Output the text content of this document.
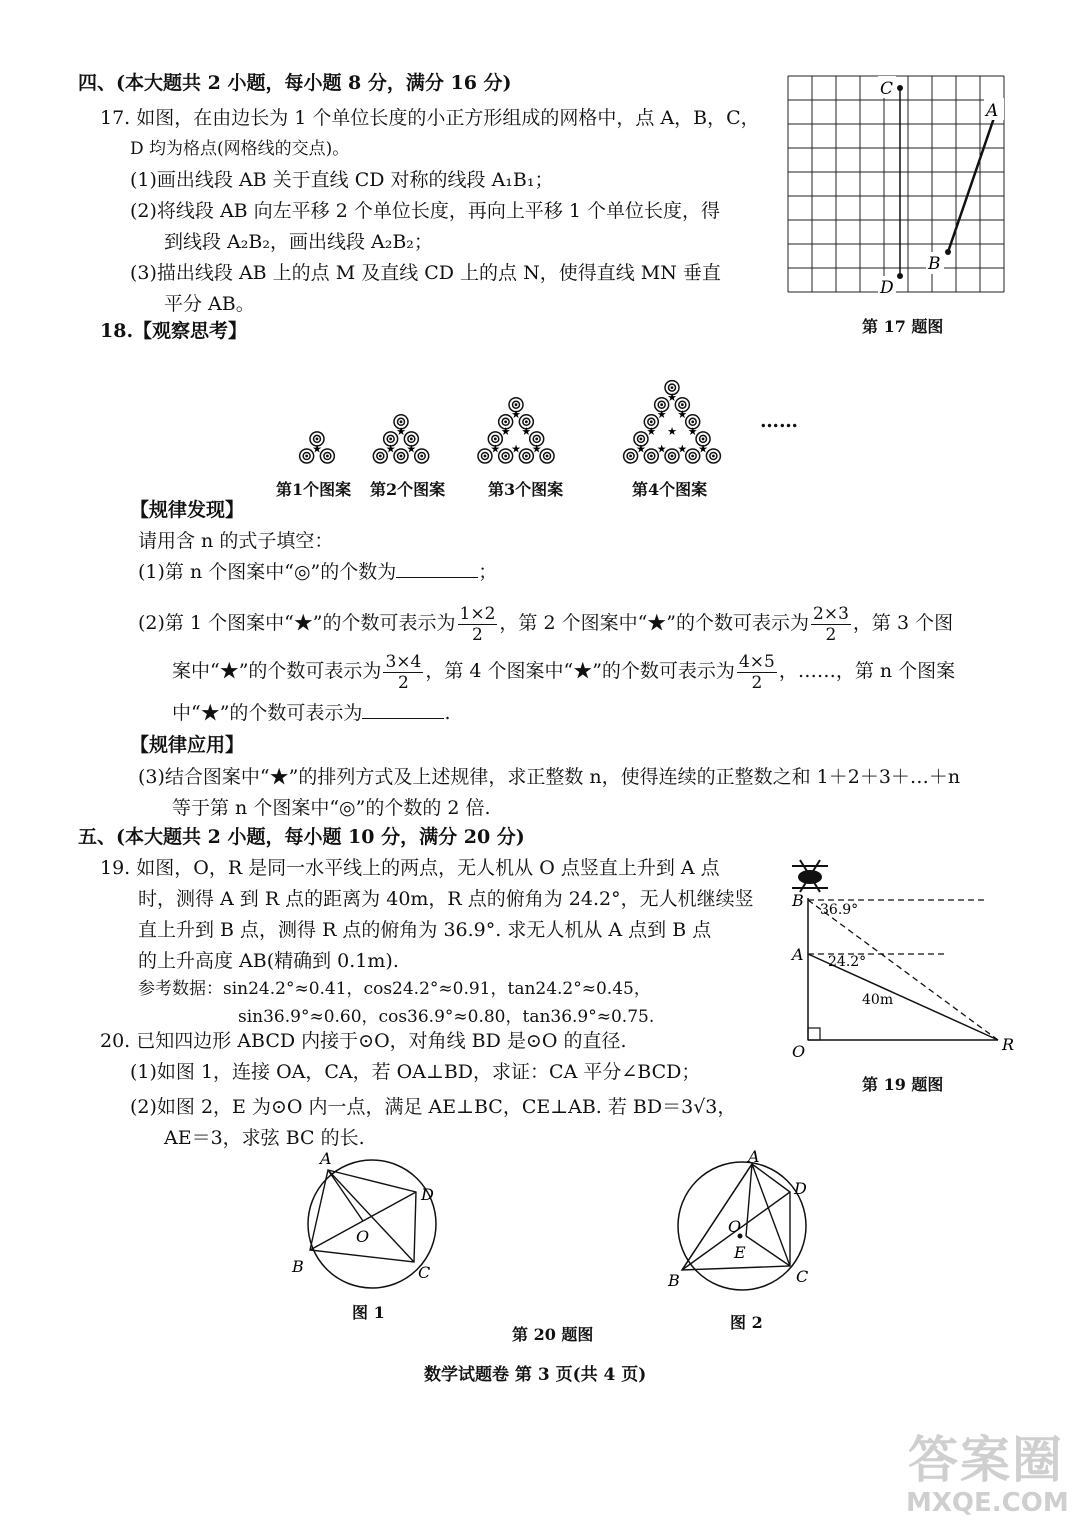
四、(本大题共 2 小题，每小题 8 分，满分 16 分)
17. 如图，在由边长为 1 个单位长度的小正方形组成的网格中，点 A，B，C，
D 均为格点(网格线的交点)。
(1)画出线段 AB 关于直线 CD 对称的线段 A₁B₁；
(2)将线段 AB 向左平移 2 个单位长度，再向上平移 1 个单位长度，得
到线段 A₂B₂，画出线段 A₂B₂；
(3)描出线段 AB 上的点 M 及直线 CD 上的点 N，使得直线 MN 垂直
平分 AB。
C
A
B
D
第 17 题图
18.【观察思考】
★
★
★ ★
★
★ ★
★ ★ ★
★
★ ★
★ ★ ★
★ ★ ★ ★
第1个图案 第2个图案	第3个图案	第4个图案
……
【规律发现】
请用含 n 的式子填空：
(1)第 n 个图案中“◎”的个数为	；
(2)第 1 个图案中“★”的个数可表示为 $\frac{1\times 2}{2}$ ，第 2 个图案中“★”的个数可表示为 $\frac{2\times 3}{2}$ ，第 3 个图
案中“★”的个数可表示为 $\frac{3\times 4}{2}$ ，第 4 个图案中“★”的个数可表示为 $\frac{4\times 5}{2}$ ，……，第 n 个图案
中“★”的个数可表示为	.
【规律应用】
(3)结合图案中“★”的排列方式及上述规律，求正整数 n，使得连续的正整数之和 1＋2＋3＋…＋n
等于第 n 个图案中“◎”的个数的 2 倍.
五、(本大题共 2 小题，每小题 10 分，满分 20 分)
19. 如图，O，R 是同一水平线上的两点，无人机从 O 点竖直上升到 A 点
时，测得 A 到 R 点的距离为 40m，R 点的俯角为 24.2°，无人机继续竖
直上升到 B 点，测得 R 点的俯角为 36.9°. 求无人机从 A 点到 B 点
的上升高度 AB(精确到 0.1m).
参考数据：sin24.2°≈0.41，cos24.2°≈0.91，tan24.2°≈0.45，
sin36.9°≈0.60，cos36.9°≈0.80，tan36.9°≈0.75.
B
A
O	R
36.9°
24.2°
40m
第 19 题图
20. 已知四边形 ABCD 内接于⊙O，对角线 BD 是⊙O 的直径.
(1)如图 1，连接 OA，CA，若 OA⊥BD，求证：CA 平分∠BCD；
(2)如图 2，E 为⊙O 内一点，满足 AE⊥BC，CE⊥AB. 若 BD＝3√3，
AE＝3，求弦 BC 的长.
A
D
O
B	C
图 1
A
D
O
E
B	C
第 20 题图
图 2
数学试题卷 第 3 页(共 4 页)
答案圈
MXQE.COM
